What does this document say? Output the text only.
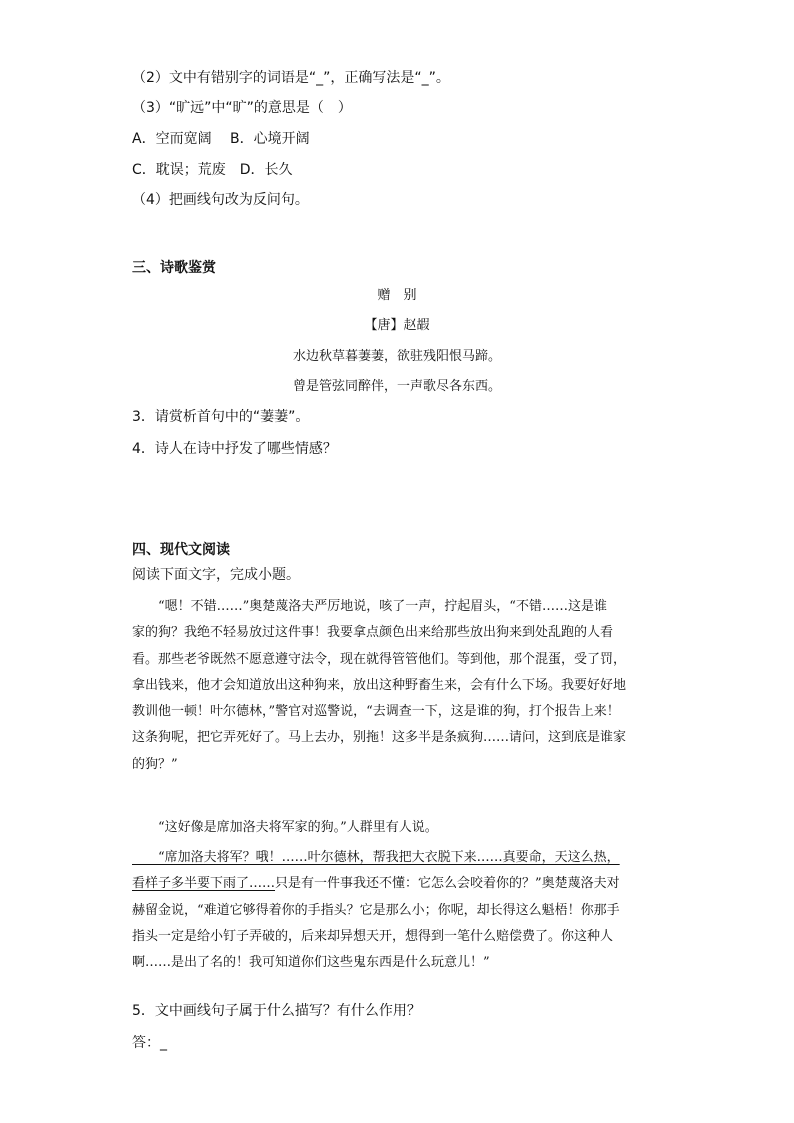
（2）文中有错别字的词语是“_”，正确写法是“_”。
（3）“旷远”中“旷”的意思是（　）
A．空而宽阔　 B．心境开阔
C．耽误；荒废　D．长久
（4）把画线句改为反问句。
三、诗歌鉴赏
赠　别
【唐】赵嘏
水边秋草暮萋萋，欲驻残阳恨马蹄。
曾是管弦同醉伴，一声歌尽各东西。
3．请赏析首句中的“萋萋”。
4．诗人在诗中抒发了哪些情感？
四、现代文阅读
阅读下面文字，完成小题。
　　“嗯！不错……”奥楚蔑洛夫严厉地说，咳了一声，拧起眉头，“不错……这是谁
家的狗？我绝不轻易放过这件事！我要拿点颜色出来给那些放出狗来到处乱跑的人看
看。那些老爷既然不愿意遵守法令，现在就得管管他们。等到他，那个混蛋，受了罚，
拿出钱来，他才会知道放出这种狗来，放出这种野畜生来，会有什么下场。我要好好地
教训他一顿！叶尔德林，”警官对巡警说，“去调查一下，这是谁的狗，打个报告上来！
这条狗呢，把它弄死好了。马上去办，别拖！这多半是条疯狗……请问，这到底是谁家
的狗？”
　　“这好像是席加洛夫将军家的狗。”人群里有人说。
　　“席加洛夫将军？哦！……叶尔德林，帮我把大衣脱下来……真要命，天这么热，
看样子多半要下雨了……只是有一件事我还不懂：它怎么会咬着你的？”奥楚蔑洛夫对
赫留金说，“难道它够得着你的手指头？它是那么小；你呢，却长得这么魁梧！你那手
指头一定是给小钉子弄破的，后来却异想天开，想得到一笔什么赔偿费了。你这种人
啊……是出了名的！我可知道你们这些鬼东西是什么玩意儿！”
5．文中画线句子属于什么描写？有什么作用？
答：_
